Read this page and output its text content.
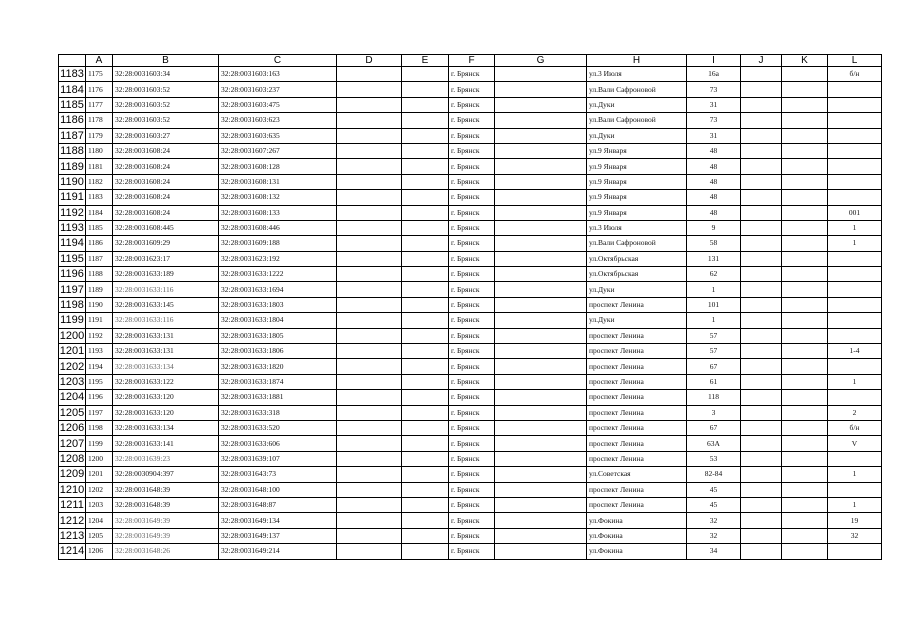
	A	B	C	D	E	F	G	H	I	J	K	L
1183	1175	32:28:0031603:34	32:28:0031603:163			г. Брянск		ул.3 Июля	16а			б/н
1184	1176	32:28:0031603:52	32:28:0031603:237			г. Брянск		ул.Вали Сафроновой	73			
1185	1177	32:28:0031603:52	32:28:0031603:475			г. Брянск		ул.Дуки	31			
1186	1178	32:28:0031603:52	32:28:0031603:623			г. Брянск		ул.Вали Сафроновой	73			
1187	1179	32:28:0031603:27	32:28:0031603:635			г. Брянск		ул.Дуки	31			
1188	1180	32:28:0031608:24	32:28:0031607:267			г. Брянск		ул.9 Января	48			
1189	1181	32:28:0031608:24	32:28:0031608:128			г. Брянск		ул.9 Января	48			
1190	1182	32:28:0031608:24	32:28:0031608:131			г. Брянск		ул.9 Января	48			
1191	1183	32:28:0031608:24	32:28:0031608:132			г. Брянск		ул.9 Января	48			
1192	1184	32:28:0031608:24	32:28:0031608:133			г. Брянск		ул.9 Января	48			001
1193	1185	32:28:0031608:445	32:28:0031608:446			г. Брянск		ул.3 Июля	9			1
1194	1186	32:28:0031609:29	32:28:0031609:188			г. Брянск		ул.Вали Сафроновой	58			1
1195	1187	32:28:0031623:17	32:28:0031623:192			г. Брянск		ул.Октябрьская	131			
1196	1188	32:28:0031633:189	32:28:0031633:1222			г. Брянск		ул.Октябрьская	62			
1197	1189	32:28:0031633:116	32:28:0031633:1694			г. Брянск		ул.Дуки	1			
1198	1190	32:28:0031633:145	32:28:0031633:1803			г. Брянск		проспект Ленина	101			
1199	1191	32:28:0031633:116	32:28:0031633:1804			г. Брянск		ул.Дуки	1			
1200	1192	32:28:0031633:131	32:28:0031633:1805			г. Брянск		проспект Ленина	57			
1201	1193	32:28:0031633:131	32:28:0031633:1806			г. Брянск		проспект Ленина	57			1-4
1202	1194	32:28:0031633:134	32:28:0031633:1820			г. Брянск		проспект Ленина	67			
1203	1195	32:28:0031633:122	32:28:0031633:1874			г. Брянск		проспект Ленина	61			1
1204	1196	32:28:0031633:120	32:28:0031633:1881			г. Брянск		проспект Ленина	118			
1205	1197	32:28:0031633:120	32:28:0031633:318			г. Брянск		проспект Ленина	3			2
1206	1198	32:28:0031633:134	32:28:0031633:520			г. Брянск		проспект Ленина	67			б/н
1207	1199	32:28:0031633:141	32:28:0031633:606			г. Брянск		проспект Ленина	63А			V
1208	1200	32:28:0031639:23	32:28:0031639:107			г. Брянск		проспект Ленина	53			
1209	1201	32:28:0030904:397	32:28:0031643:73			г. Брянск		ул.Советская	82-84			1
1210	1202	32:28:0031648:39	32:28:0031648:100			г. Брянск		проспект Ленина	45			
1211	1203	32:28:0031648:39	32:28:0031648:87			г. Брянск		проспект Ленина	45			1
1212	1204	32:28:0031649:39	32:28:0031649:134			г. Брянск		ул.Фокина	32			19
1213	1205	32:28:0031649:39	32:28:0031649:137			г. Брянск		ул.Фокина	32			32
1214	1206	32:28:0031648:26	32:28:0031649:214			г. Брянск		ул.Фокина	34			
